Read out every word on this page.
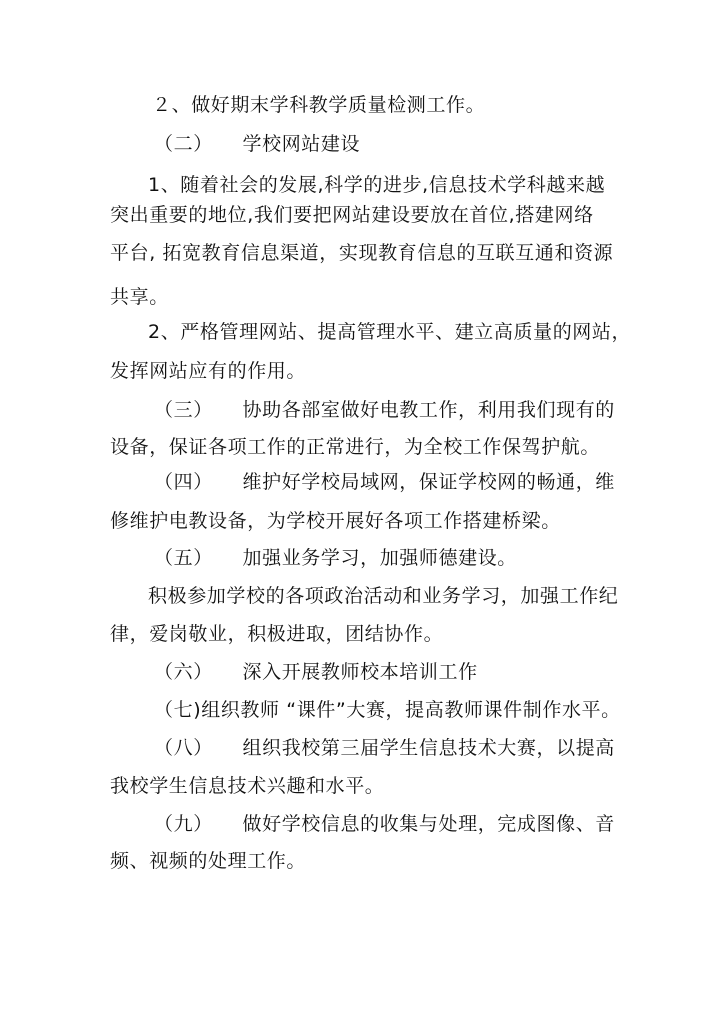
２、做好期末学科教学质量检测工作。
（二）　　学校网站建设
1、随着社会的发展,科学的进步,信息技术学科越来越
突出重要的地位,我们要把网站建设要放在首位,搭建网络
平台, 拓宽教育信息渠道，实现教育信息的互联互通和资源
共享。
2、严格管理网站、提高管理水平、建立高质量的网站，
发挥网站应有的作用。
（三）　　协助各部室做好电教工作，利用我们现有的
设备，保证各项工作的正常进行，为全校工作保驾护航。
（四）　　维护好学校局域网，保证学校网的畅通，维
修维护电教设备，为学校开展好各项工作搭建桥梁。
（五）　　加强业务学习，加强师德建设。
积极参加学校的各项政治活动和业务学习，加强工作纪
律，爱岗敬业，积极进取，团结协作。
（六）　　深入开展教师校本培训工作
（七)组织教师 “课件”大赛，提高教师课件制作水平。
（八）　　组织我校第三届学生信息技术大赛，以提高
我校学生信息技术兴趣和水平。
（九）　　做好学校信息的收集与处理，完成图像、音
频、视频的处理工作。
